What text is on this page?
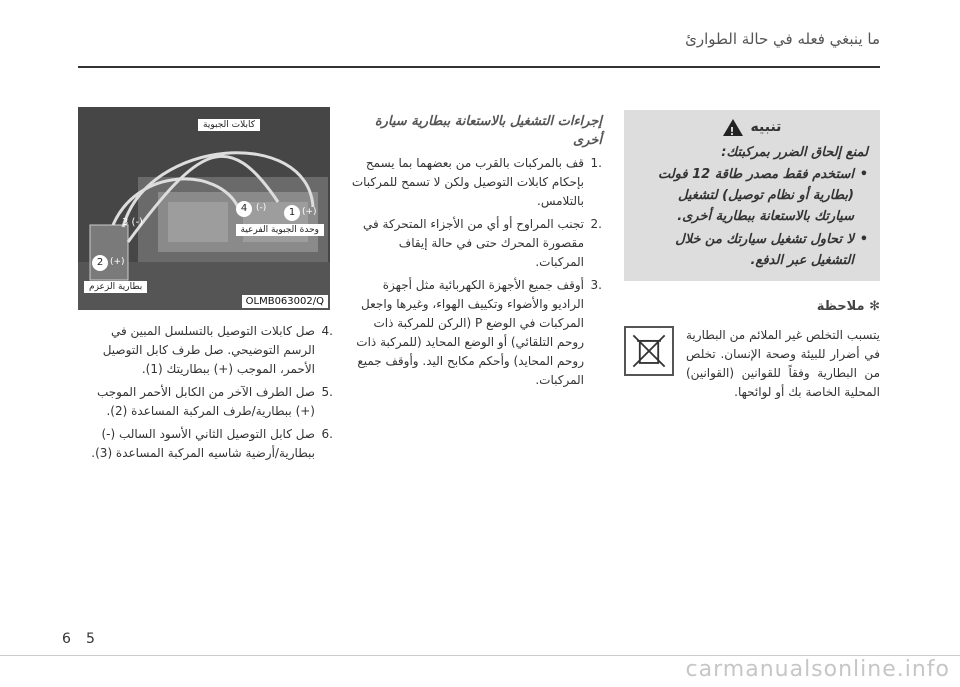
ما ينبغي فعله في حالة الطوارئ
كابلات الجبوية
وحدة الجبوية الفرعية
بطارية الزعزم
1 (+)
4 (-)
3 (-)
2 (+)
OLMB063002/Q
.4
صل كابلات التوصيل بالتسلسل المبين في الرسم التوضيحي. صل طرف كابل التوصيل الأحمر، الموجب (+) ببطاريتك (1).
.5
صل الطرف الآخر من الكابل الأحمر الموجب (+) ببطارية/طرف المركبة المساعدة (2).
.6
صل كابل التوصيل الثاني الأسود السالب (-) ببطارية/أرضية شاسيه المركبة المساعدة (3).
إجراءات التشغيل بالاستعانة ببطارية سيارة أخرى
.1
قف بالمركبات بالقرب من بعضهما بما يسمح بإحكام كابلات التوصيل ولكن لا تسمح للمركبات بالتلامس.
.2
تجنب المراوح أو أي من الأجزاء المتحركة في مقصورة المحرك حتى في حالة إيقاف المركبات.
.3
أوقف جميع الأجهزة الكهربائية مثل أجهزة الراديو والأضواء وتكييف الهواء، وغيرها واجعل المركبات في الوضع P (الركن للمركبة ذات روحم التلقائي) أو الوضع المحايد (للمركبة ذات روحم المحايد) وأحكم مكابح اليد. وأوقف جميع المركبات.
تنبيه
!
لمنع إلحاق الضرر بمركبتك:
•
استخدم فقط مصدر طاقة 12 فولت (بطارية أو نظام توصيل) لتشغيل سيارتك بالاستعانة ببطارية أخرى.
•
لا تحاول تشغيل سيارتك من خلال التشغيل عبر الدفع.
✻ ملاحظة
يتسبب التخلص غير الملائم من البطارية في أضرار للبيئة وصحة الإنسان. تخلص من البطارية وفقاً للقوانين (القوانين) المحلية الخاصة بك أو لوائحها.
6 5
carmanualsonline.info
